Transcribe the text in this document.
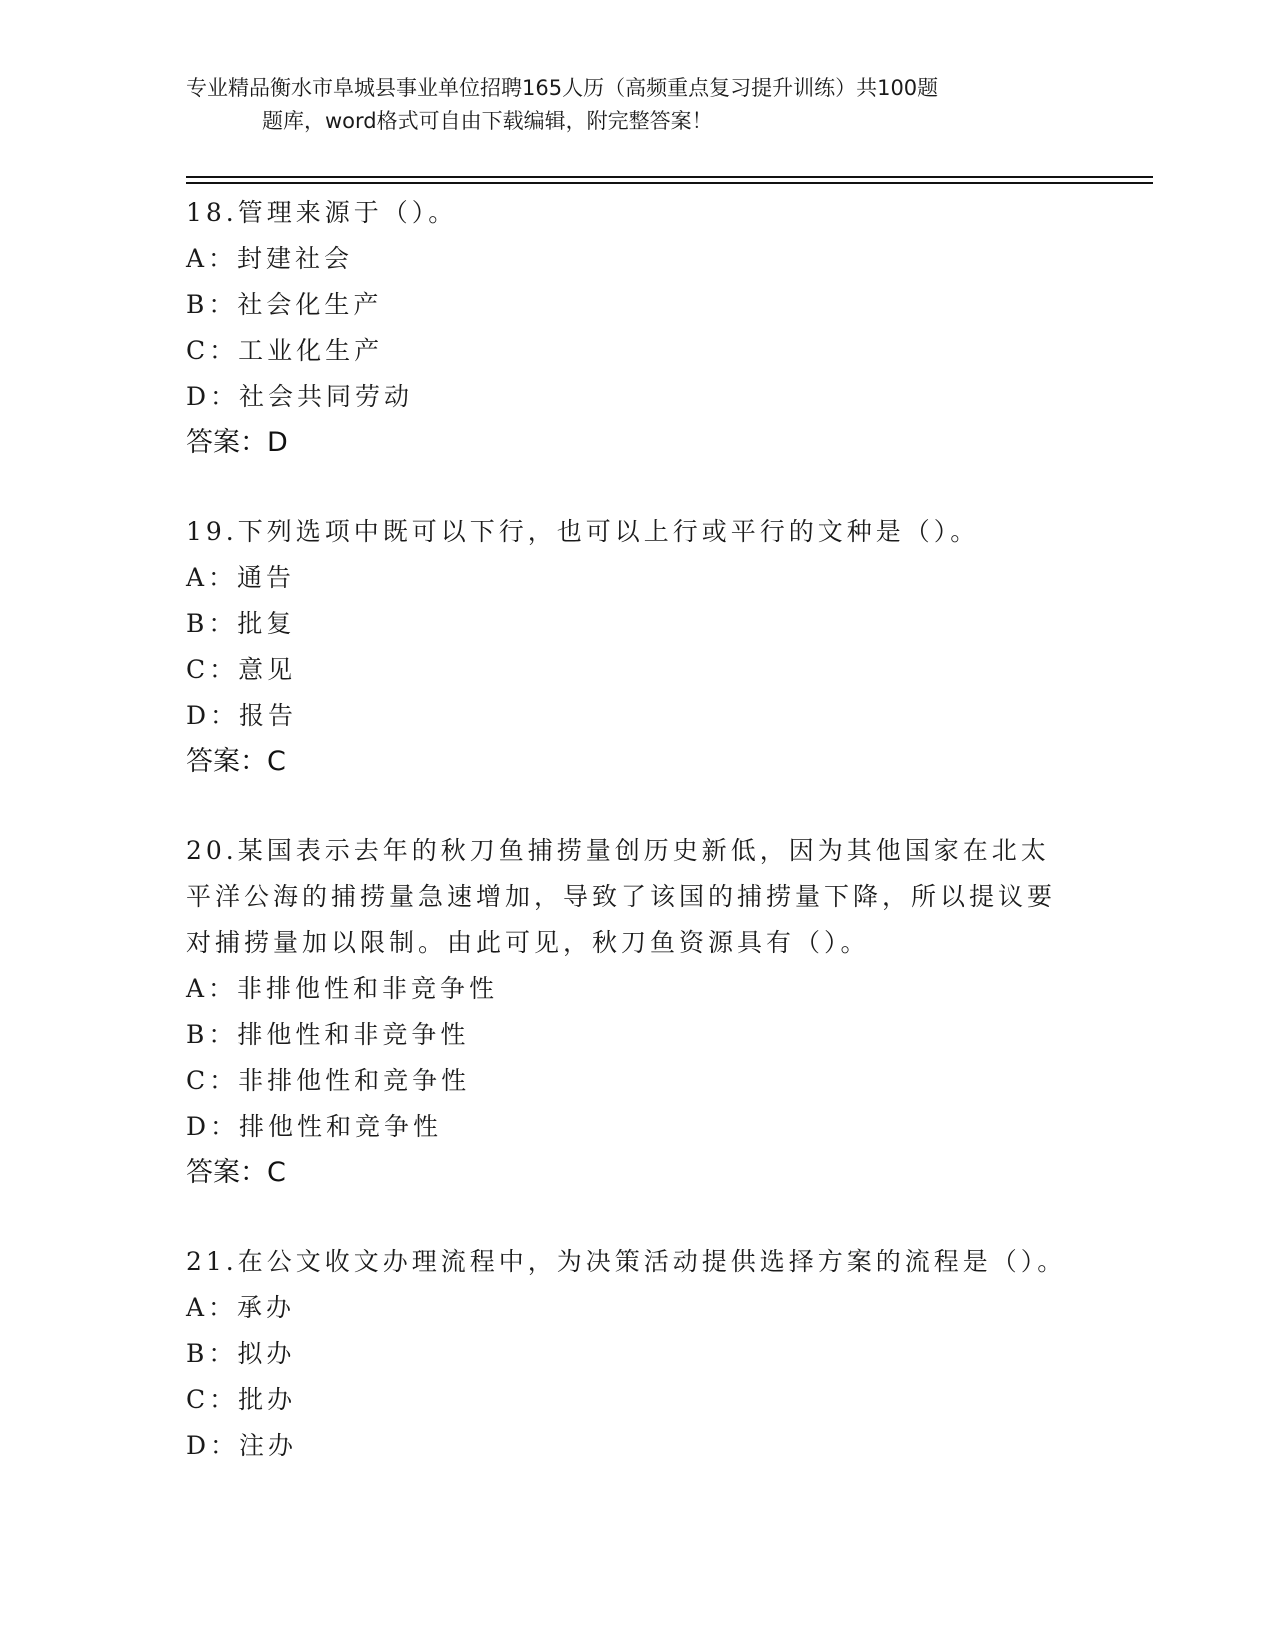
专业精品衡水市阜城县事业单位招聘165人历（高频重点复习提升训练）共100题
题库，word格式可自由下载编辑，附完整答案！
18.管理来源于（）。
A：封建社会
B：社会化生产
C：工业化生产
D：社会共同劳动
答案：D
19.下列选项中既可以下行，也可以上行或平行的文种是（）。
A：通告
B：批复
C：意见
D：报告
答案：C
20.某国表示去年的秋刀鱼捕捞量创历史新低，因为其他国家在北太平洋公海的捕捞量急速增加，导致了该国的捕捞量下降，所以提议要对捕捞量加以限制。由此可见，秋刀鱼资源具有（）。
A：非排他性和非竞争性
B：排他性和非竞争性
C：非排他性和竞争性
D：排他性和竞争性
答案：C
21.在公文收文办理流程中，为决策活动提供选择方案的流程是（）。
A：承办
B：拟办
C：批办
D：注办
